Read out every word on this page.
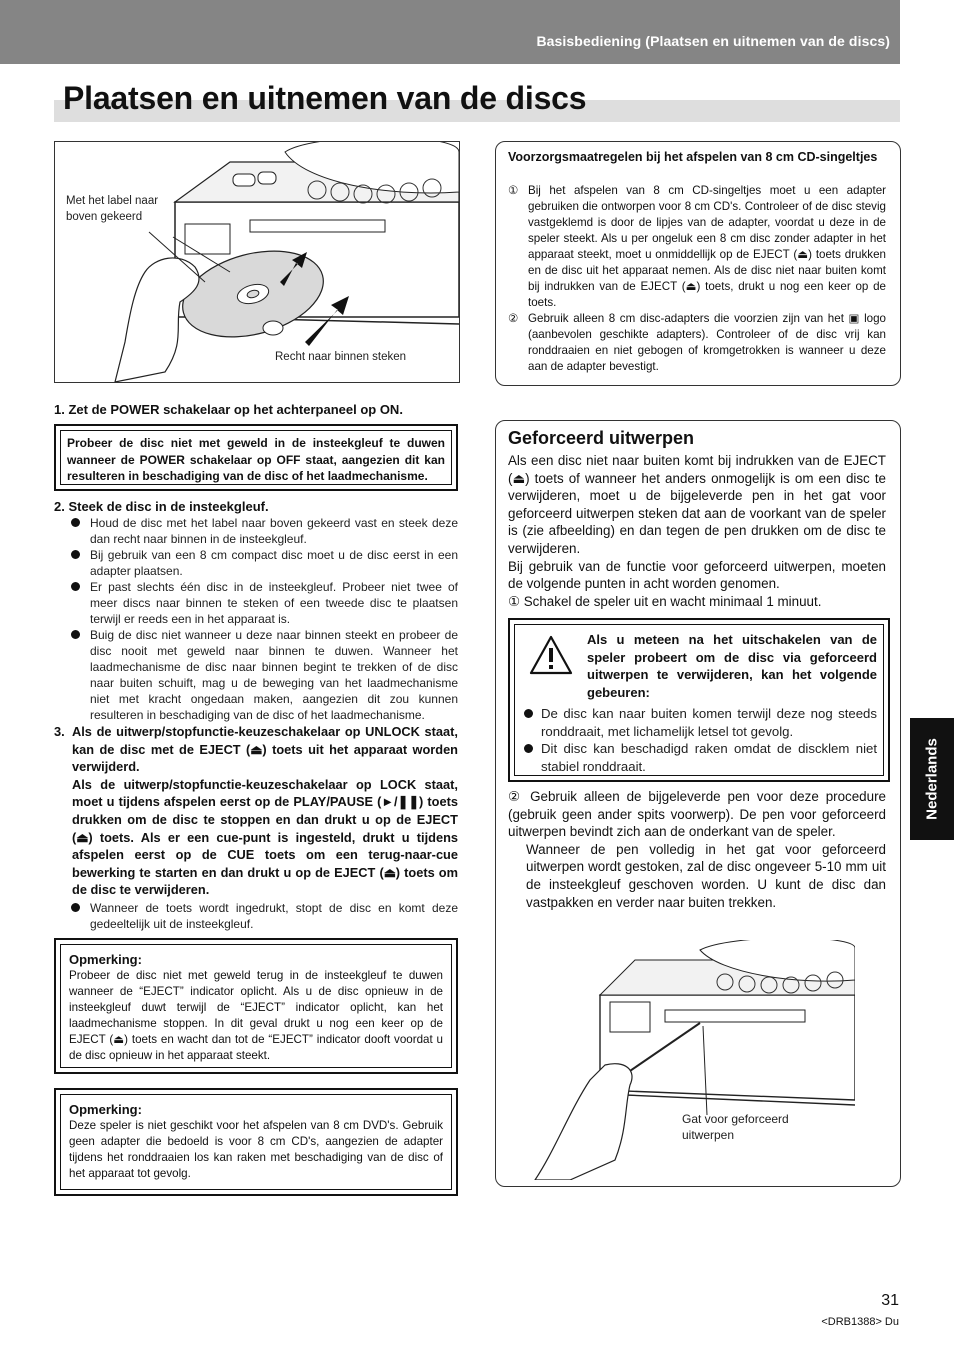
Basisbediening (Plaatsen en uitnemen van de discs)
Plaatsen en uitnemen van de discs
Met het label naar boven gekeerd
Recht naar binnen steken
Voorzorgsmaatregelen bij het afspelen van 8 cm CD-singeltjes
① Bij het afspelen van 8 cm CD-singeltjes moet u een adapter gebruiken die ontworpen voor 8 cm CD's. Controleer of de disc stevig vastgeklemd is door de lipjes van de adapter, voordat u deze in de speler steekt. Als u per ongeluk een 8 cm disc zonder adapter in het apparaat steekt, moet u onmiddellijk op de EJECT (⏏) toets drukken en de disc uit het apparaat nemen. Als de disc niet naar buiten komt bij indrukken van de EJECT (⏏) toets, drukt u nog een keer op de toets.
② Gebruik alleen 8 cm disc-adapters die voorzien zijn van het ▣ logo (aanbevolen geschikte adapters). Controleer of de disc vrij kan ronddraaien en niet gebogen of kromgetrokken is wanneer u deze aan de adapter bevestigt.
1. Zet de POWER schakelaar op het achterpaneel op ON.
Probeer de disc niet met geweld in de insteekgleuf te duwen wanneer de POWER schakelaar op OFF staat, aangezien dit kan resulteren in beschadiging van de disc of het laadmechanisme.
2. Steek de disc in de insteekgleuf.
Houd de disc met het label naar boven gekeerd vast en steek deze dan recht naar binnen in de insteekgleuf.
Bij gebruik van een 8 cm compact disc moet u de disc eerst in een adapter plaatsen.
Er past slechts één disc in de insteekgleuf. Probeer niet twee of meer discs naar binnen te steken of een tweede disc te plaatsen terwijl er reeds een in het apparaat is.
Buig de disc niet wanneer u deze naar binnen steekt en probeer de disc nooit met geweld naar binnen te duwen. Wanneer het laadmechanisme de disc naar binnen begint te trekken of de disc naar buiten schuift, mag u de beweging van het laadmechanisme niet met kracht ongedaan maken, aangezien dit zou kunnen resulteren in beschadiging van de disc of het laadmechanisme.
3. Als de uitwerp/stopfunctie-keuzeschakelaar op UNLOCK staat, kan de disc met de EJECT (⏏) toets uit het apparaat worden verwijderd.
Als de uitwerp/stopfunctie-keuzeschakelaar op LOCK staat, moet u tijdens afspelen eerst op de PLAY/PAUSE (►/❚❚) toets drukken om de disc te stoppen en dan drukt u op de EJECT (⏏) toets. Als er een cue-punt is ingesteld, drukt u tijdens afspelen eerst op de CUE toets om een terug-naar-cue bewerking te starten en dan drukt u op de EJECT (⏏) toets om de disc te verwijderen.
Wanneer de toets wordt ingedrukt, stopt de disc en komt deze gedeeltelijk uit de insteekgleuf.
Opmerking:
Probeer de disc niet met geweld terug in de insteekgleuf te duwen wanneer de “EJECT” indicator oplicht. Als u de disc opnieuw in de insteekgleuf duwt terwijl de “EJECT” indicator oplicht, kan het laadmechanisme stoppen. In dit geval drukt u nog een keer op de EJECT (⏏) toets en wacht dan tot de “EJECT” indicator dooft voordat u de disc opnieuw in het apparaat steekt.
Opmerking:
Deze speler is niet geschikt voor het afspelen van 8 cm DVD's. Gebruik geen adapter die bedoeld is voor 8 cm CD's, aangezien de adapter tijdens het ronddraaien los kan raken met beschadiging van de disc of het apparaat tot gevolg.
Geforceerd uitwerpen
Als een disc niet naar buiten komt bij indrukken van de EJECT (⏏) toets of wanneer het anders onmogelijk is om een disc te verwijderen, moet u de bijgeleverde pen in het gat voor geforceerd uitwerpen steken dat aan de voorkant van de speler is (zie afbeelding) en dan tegen de pen drukken om de disc te verwijderen.
Bij gebruik van de functie voor geforceerd uitwerpen, moeten de volgende punten in acht worden genomen.
① Schakel de speler uit en wacht minimaal 1 minuut.
Als u meteen na het uitschakelen van de speler probeert om de disc via geforceerd uitwerpen te verwijderen, kan het volgende gebeuren:
De disc kan naar buiten komen terwijl deze nog steeds ronddraait, met lichamelijk letsel tot gevolg.
Dit disc kan beschadigd raken omdat de discklem niet stabiel ronddraait.
② Gebruik alleen de bijgeleverde pen voor deze procedure (gebruik geen ander spits voorwerp). De pen voor geforceerd uitwerpen bevindt zich aan de onderkant van de speler.
Wanneer de pen volledig in het gat voor geforceerd uitwerpen wordt gestoken, zal de disc ongeveer 5-10 mm uit de insteekgleuf geschoven worden. U kunt de disc dan vastpakken en verder naar buiten trekken.
Gat voor geforceerd uitwerpen
Nederlands
31
<DRB1388> Du
